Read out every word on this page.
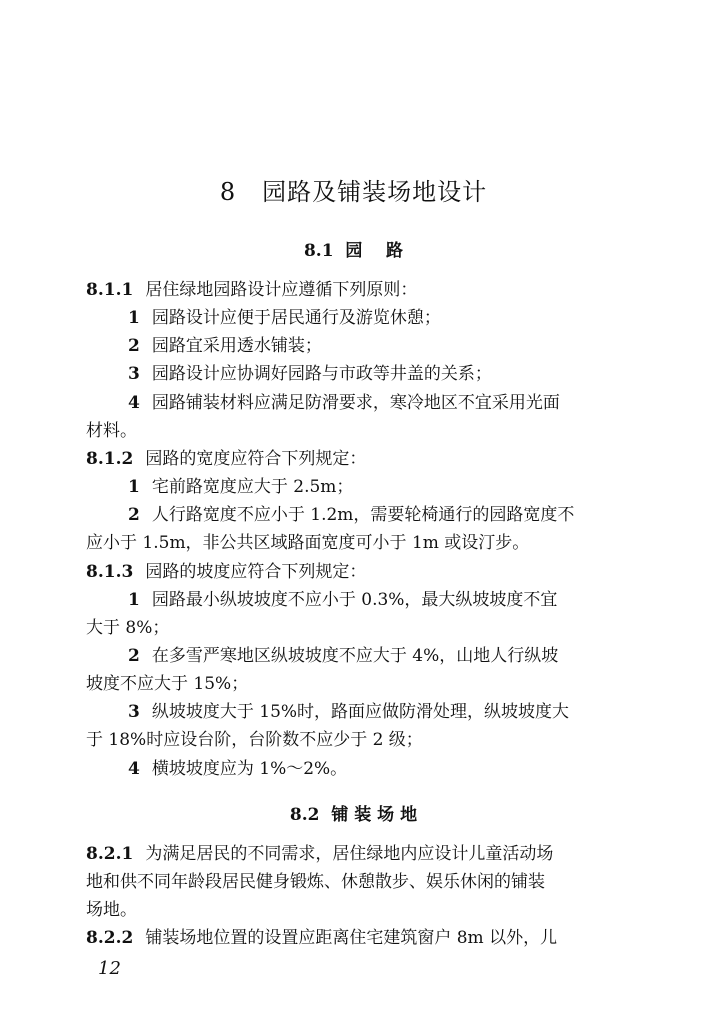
8   园路及铺装场地设计
8.1  园    路
8.1.1 居住绿地园路设计应遵循下列原则：
1 园路设计应便于居民通行及游览休憩；
2 园路宜采用透水铺装；
3 园路设计应协调好园路与市政等井盖的关系；
4 园路铺装材料应满足防滑要求，寒冷地区不宜采用光面
材料。
8.1.2 园路的宽度应符合下列规定：
1 宅前路宽度应大于 2.5m；
2 人行路宽度不应小于 1.2m，需要轮椅通行的园路宽度不
应小于 1.5m，非公共区域路面宽度可小于 1m 或设汀步。
8.1.3 园路的坡度应符合下列规定：
1 园路最小纵坡坡度不应小于 0.3%，最大纵坡坡度不宜
大于 8%；
2 在多雪严寒地区纵坡坡度不应大于 4%，山地人行纵坡
坡度不应大于 15%；
3 纵坡坡度大于 15%时，路面应做防滑处理，纵坡坡度大
于 18%时应设台阶，台阶数不应少于 2 级；
4 横坡坡度应为 1%～2%。
8.2  铺 装 场 地
8.2.1 为满足居民的不同需求，居住绿地内应设计儿童活动场
地和供不同年龄段居民健身锻炼、休憩散步、娱乐休闲的铺装
场地。
8.2.2 铺装场地位置的设置应距离住宅建筑窗户 8m 以外，儿
12
